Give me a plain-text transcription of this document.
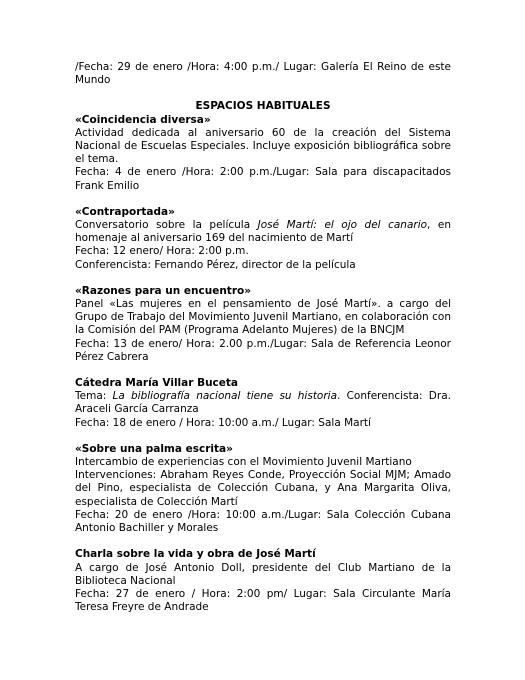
/Fecha: 29 de enero /Hora: 4:00 p.m./ Lugar: Galería El Reino de este Mundo

ESPACIOS HABITUALES

«Coincidencia diversa»

Actividad dedicada al aniversario 60 de la creación del Sistema Nacional de Escuelas Especiales. Incluye exposición bibliográfica sobre el tema.

Fecha: 4 de enero /Hora: 2:00 p.m./Lugar: Sala para discapacitados Frank Emilio

«Contraportada»

Conversatorio sobre la película José Martí: el ojo del canario, en homenaje al aniversario 169 del nacimiento de Martí

Fecha: 12 enero/ Hora: 2:00 p.m.

Conferencista: Fernando Pérez, director de la película

«Razones para un encuentro»

Panel «Las mujeres en el pensamiento de José Martí». a cargo del Grupo de Trabajo del Movimiento Juvenil Martiano, en colaboración con la Comisión del PAM (Programa Adelanto Mujeres) de la BNCJM

Fecha: 13 de enero/ Hora: 2.00 p.m./Lugar: Sala de Referencia Leonor Pérez Cabrera

Cátedra María Villar Buceta

Tema: La bibliografía nacional tiene su historia. Conferencista: Dra. Araceli García Carranza

Fecha: 18 de enero / Hora: 10:00 a.m./ Lugar: Sala Martí

«Sobre una palma escrita»

Intercambio de experiencias con el Movimiento Juvenil Martiano

Intervenciones: Abraham Reyes Conde, Proyección Social MJM; Amado del Pino, especialista de Colección Cubana, y Ana Margarita Oliva, especialista de Colección Martí

Fecha: 20 de enero /Hora: 10:00 a.m./Lugar: Sala Colección Cubana Antonio Bachiller y Morales

Charla sobre la vida y obra de José Martí

A cargo de José Antonio Doll, presidente del Club Martiano de la Biblioteca Nacional

Fecha: 27 de enero / Hora: 2:00 pm/ Lugar: Sala Circulante María Teresa Freyre de Andrade
